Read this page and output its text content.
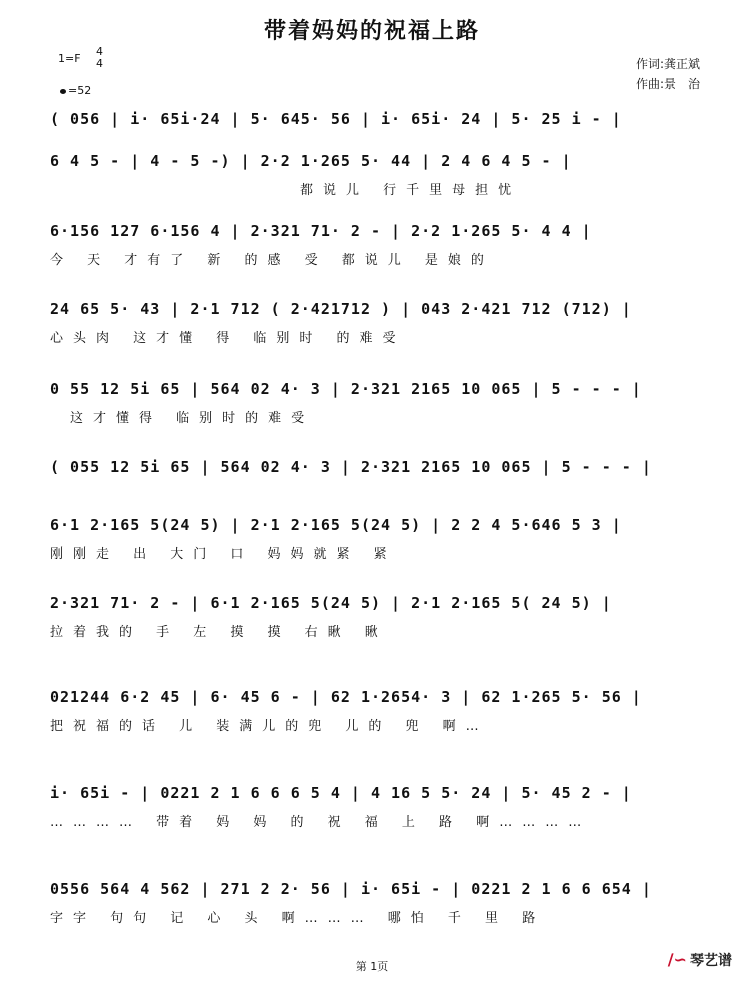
带着妈妈的祝福上路
1=F
4
4
=52
作词:龚正斌
作曲:景　治
( 056 | i· 65i·24 | 5· 645· 56 | i· 65i· 24 | 5· 25 i - |
6 4 5 - | 4 - 5 -) | 2·2 1·265 5· 44 | 2 4 6 4 5 - |
都说儿 行千里母担忧
6·156 127 6·156 4 | 2·321 71· 2 - | 2·2 1·265 5· 4 4 |
今 天 才有了 新 的感 受 都说儿 是娘的
24 65 5· 43 | 2·1 712 ( 2·421712 ) | 043 2·421 712 (712) |
心头肉 这才懂 得 临别时 的难受
0 55 12 5i 65 | 564 02 4· 3 | 2·321 2165 10 065 | 5 - - - |
这才懂得 临别时的难受
( 055 12 5i 65 | 564 02 4· 3 | 2·321 2165 10 065 | 5 - - - |
6·1 2·165 5(24 5) | 2·1 2·165 5(24 5) | 2 2 4 5·646 5 3 |
刚刚走 出 大门 口 妈妈就紧 紧
2·321 71· 2 - | 6·1 2·165 5(24 5) | 2·1 2·165 5( 24 5) |
拉着我的 手 左 摸 摸 右瞅 瞅
021244 6·2 45 | 6· 45 6 - | 62 1·2654· 3 | 62 1·265 5· 56 |
把祝福的话 儿 装满儿的兜 儿的 兜 啊…
i· 65i - | 0221 2 1 6 6 6 5 4 | 4 16 5 5· 24 | 5· 45 2 - |
………… 带着 妈 妈 的 祝 福 上 路 啊…………
0556 564 4 562 | 271 2 2· 56 | i· 65i - | 0221 2 1 6 6 654 |
字字 句句 记 心 头 啊……… 哪怕 千 里 路
第 1页	∕∽ 琴艺谱
